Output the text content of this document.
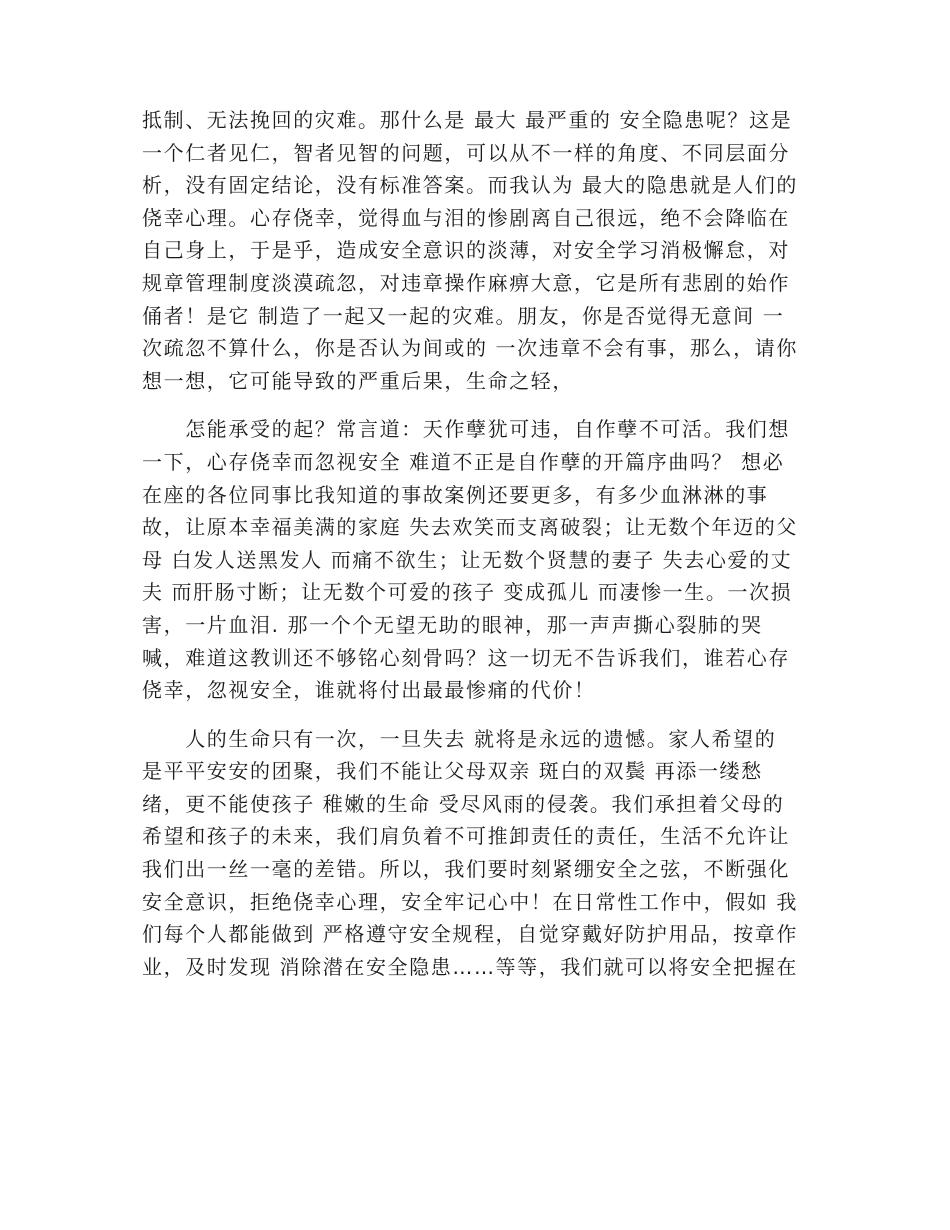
抵制、无法挽回的灾难。那什么是 最大 最严重的 安全隐患呢？这是
一个仁者见仁，智者见智的问题，可以从不一样的角度、不同层面分
析，没有固定结论，没有标准答案。而我认为 最大的隐患就是人们的
侥幸心理。心存侥幸，觉得血与泪的惨剧离自己很远，绝不会降临在
自己身上，于是乎，造成安全意识的淡薄，对安全学习消极懈怠，对
规章管理制度淡漠疏忽，对违章操作麻痹大意，它是所有悲剧的始作
俑者！是它 制造了一起又一起的灾难。朋友，你是否觉得无意间 一
次疏忽不算什么，你是否认为间或的 一次违章不会有事，那么，请你
想一想，它可能导致的严重后果，生命之轻，
　　怎能承受的起？常言道：天作孽犹可违，自作孽不可活。我们想
一下，心存侥幸而忽视安全 难道不正是自作孽的开篇序曲吗？ 想必
在座的各位同事比我知道的事故案例还要更多，有多少血淋淋的事
故，让原本幸福美满的家庭 失去欢笑而支离破裂；让无数个年迈的父
母 白发人送黑发人 而痛不欲生；让无数个贤慧的妻子 失去心爱的丈
夫 而肝肠寸断；让无数个可爱的孩子 变成孤儿 而凄惨一生。一次损
害，一片血泪. 那一个个无望无助的眼神，那一声声撕心裂肺的哭
喊，难道这教训还不够铭心刻骨吗？这一切无不告诉我们，谁若心存
侥幸，忽视安全，谁就将付出最最惨痛的代价！
　　人的生命只有一次，一旦失去 就将是永远的遗憾。家人希望的
是平平安安的团聚，我们不能让父母双亲 斑白的双鬓 再添一缕愁
绪，更不能使孩子 稚嫩的生命 受尽风雨的侵袭。我们承担着父母的
希望和孩子的未来，我们肩负着不可推卸责任的责任，生活不允许让
我们出一丝一毫的差错。所以，我们要时刻紧绷安全之弦，不断强化
安全意识，拒绝侥幸心理，安全牢记心中！在日常性工作中，假如 我
们每个人都能做到 严格遵守安全规程，自觉穿戴好防护用品，按章作
业，及时发现 消除潜在安全隐患……等等，我们就可以将安全把握在
